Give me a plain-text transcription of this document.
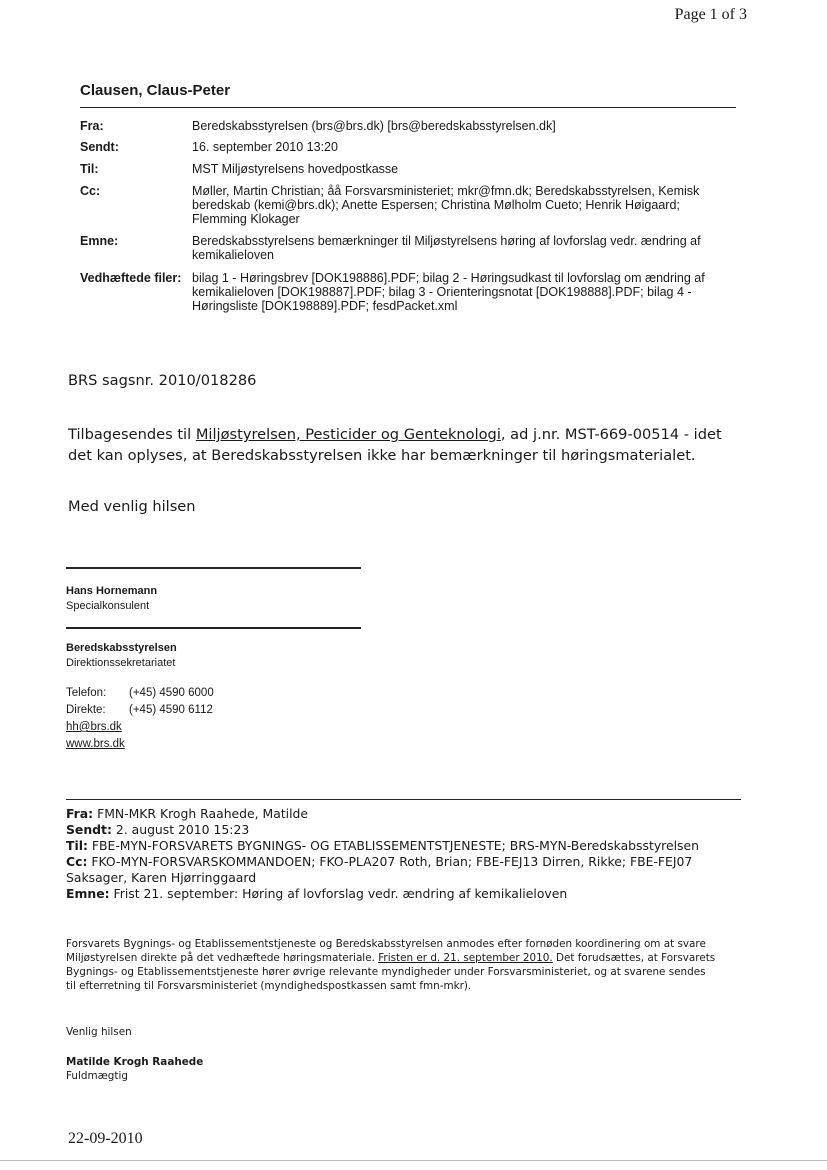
Page 1 of 3
Clausen, Claus-Peter
Fra:	Beredskabsstyrelsen (brs@brs.dk) [brs@beredskabsstyrelsen.dk]
Sendt:	16. september 2010 13:20
Til:	MST Miljøstyrelsens hovedpostkasse
Cc:	Møller, Martin Christian; åå Forsvarsministeriet; mkr@fmn.dk; Beredskabsstyrelsen, Kemisk beredskab (kemi@brs.dk); Anette Espersen; Christina Mølholm Cueto; Henrik Høigaard; Flemming Klokager
Emne:	Beredskabsstyrelsens bemærkninger til Miljøstyrelsens høring af lovforslag vedr. ændring af kemikalieloven
Vedhæftede filer: bilag 1 - Høringsbrev [DOK198886].PDF; bilag 2 - Høringsudkast til lovforslag om ændring af kemikalieloven [DOK198887].PDF; bilag 3 - Orienteringsnotat [DOK198888].PDF; bilag 4 - Høringsliste [DOK198889].PDF; fesdPacket.xml
BRS sagsnr. 2010/018286
Tilbagesendes til Miljøstyrelsen, Pesticider og Genteknologi, ad j.nr. MST-669-00514 - idet det kan oplyses, at Beredskabsstyrelsen ikke har bemærkninger til høringsmaterialet.
Med venlig hilsen
Hans Hornemann
Specialkonsulent
Beredskabsstyrelsen
Direktionssekretariatet
Telefon: (+45) 4590 6000
Direkte: (+45) 4590 6112
hh@brs.dk
www.brs.dk
Fra: FMN-MKR Krogh Raahede, Matilde
Sendt: 2. august 2010 15:23
Til: FBE-MYN-FORSVARETS BYGNINGS- OG ETABLISSEMENTSTJENESTE; BRS-MYN-Beredskabsstyrelsen
Cc: FKO-MYN-FORSVARSKOMMANDOEN; FKO-PLA207 Roth, Brian; FBE-FEJ13 Dirren, Rikke; FBE-FEJ07 Saksager, Karen Hjørringgaard
Emne: Frist 21. september: Høring af lovforslag vedr. ændring af kemikalieloven
Forsvarets Bygnings- og Etablissementstjeneste og Beredskabsstyrelsen anmodes efter fornøden koordinering om at svare Miljøstyrelsen direkte på det vedhæftede høringsmateriale. Fristen er d. 21. september 2010. Det forudsættes, at Forsvarets Bygnings- og Etablissementstjeneste hører øvrige relevante myndigheder under Forsvarsministeriet, og at svarene sendes til efterretning til Forsvarsministeriet (myndighedspostkassen samt fmn-mkr).
Venlig hilsen
Matilde Krogh Raahede
Fuldmægtig
22-09-2010
